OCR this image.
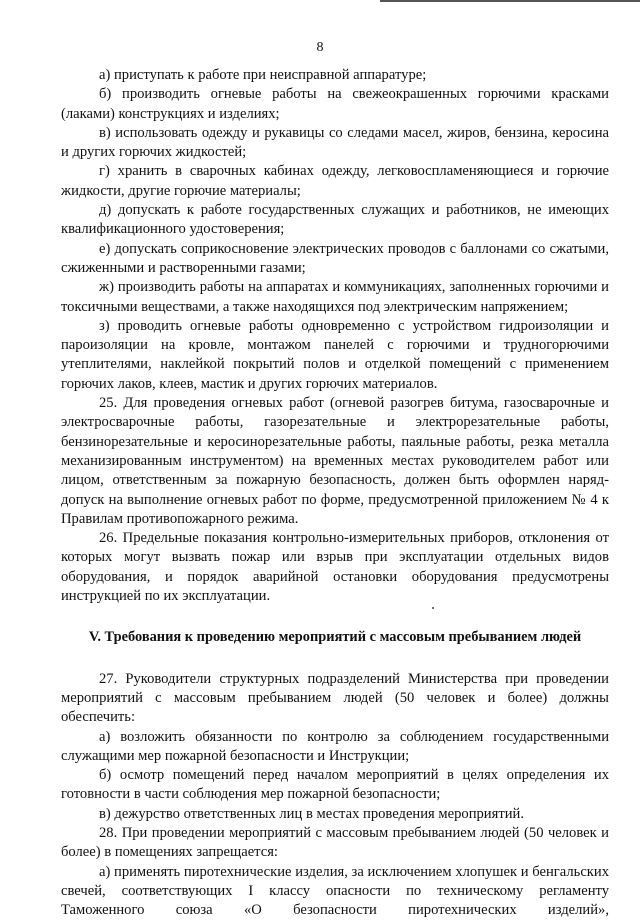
8

а) приступать к работе при неисправной аппаратуре;

б) производить огневые работы на свежеокрашенных горючими красками (лаками) конструкциях и изделиях;

в) использовать одежду и рукавицы со следами масел, жиров, бензина, керосина и других горючих жидкостей;

г) хранить в сварочных кабинах одежду, легковоспламеняющиеся и горючие жидкости, другие горючие материалы;

д) допускать к работе государственных служащих и работников, не имеющих квалификационного удостоверения;

е) допускать соприкосновение электрических проводов с баллонами со сжатыми, сжиженными и растворенными газами;

ж) производить работы на аппаратах и коммуникациях, заполненных горючими и токсичными веществами, а также находящихся под электрическим напряжением;

з) проводить огневые работы одновременно с устройством гидроизоляции и пароизоляции на кровле, монтажом панелей с горючими и трудногорючими утеплителями, наклейкой покрытий полов и отделкой помещений с применением горючих лаков, клеев, мастик и других горючих материалов.

25. Для проведения огневых работ (огневой разогрев битума, газосварочные и электросварочные работы, газорезательные и электрорезательные работы, бензинорезательные и керосинорезательные работы, паяльные работы, резка металла механизированным инструментом) на временных местах руководителем работ или лицом, ответственным за пожарную безопасность, должен быть оформлен наряд-допуск на выполнение огневых работ по форме, предусмотренной приложением № 4 к Правилам противопожарного режима.

26. Предельные показания контрольно-измерительных приборов, отклонения от которых могут вызвать пожар или взрыв при эксплуатации отдельных видов оборудования, и порядок аварийной остановки оборудования предусмотрены инструкцией по их эксплуатации.

V. Требования к проведению мероприятий с массовым пребыванием людей

27. Руководители структурных подразделений Министерства при проведении мероприятий с массовым пребыванием людей (50 человек и более) должны обеспечить:

а) возложить обязанности по контролю за соблюдением государственными служащими мер пожарной безопасности и Инструкции;

б) осмотр помещений перед началом мероприятий в целях определения их готовности в части соблюдения мер пожарной безопасности;

в) дежурство ответственных лиц в местах проведения мероприятий.

28. При проведении мероприятий с массовым пребыванием людей (50 человек и более) в помещениях запрещается:

а) применять пиротехнические изделия, за исключением хлопушек и бенгальских свечей, соответствующих I классу опасности по техническому регламенту Таможенного союза «О безопасности пиротехнических изделий»,
